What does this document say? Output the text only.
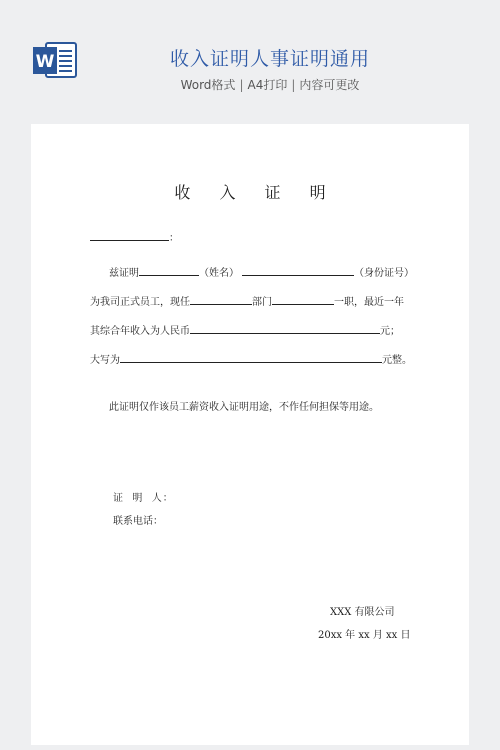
W	收入证明人事证明通用
Word格式 | A4打印 | 内容可更改
收 入 证 明
：
兹证明	（姓名）	（身份证号）
为我司正式员工，现任	部门	一职，最近一年
其综合年收入为人民币	元；
大写为	元整。
此证明仅作该员工薪资收入证明用途，不作任何担保等用途。
证  明  人：
联系电话：
XXX 有限公司
20xx 年 xx 月 xx 日
